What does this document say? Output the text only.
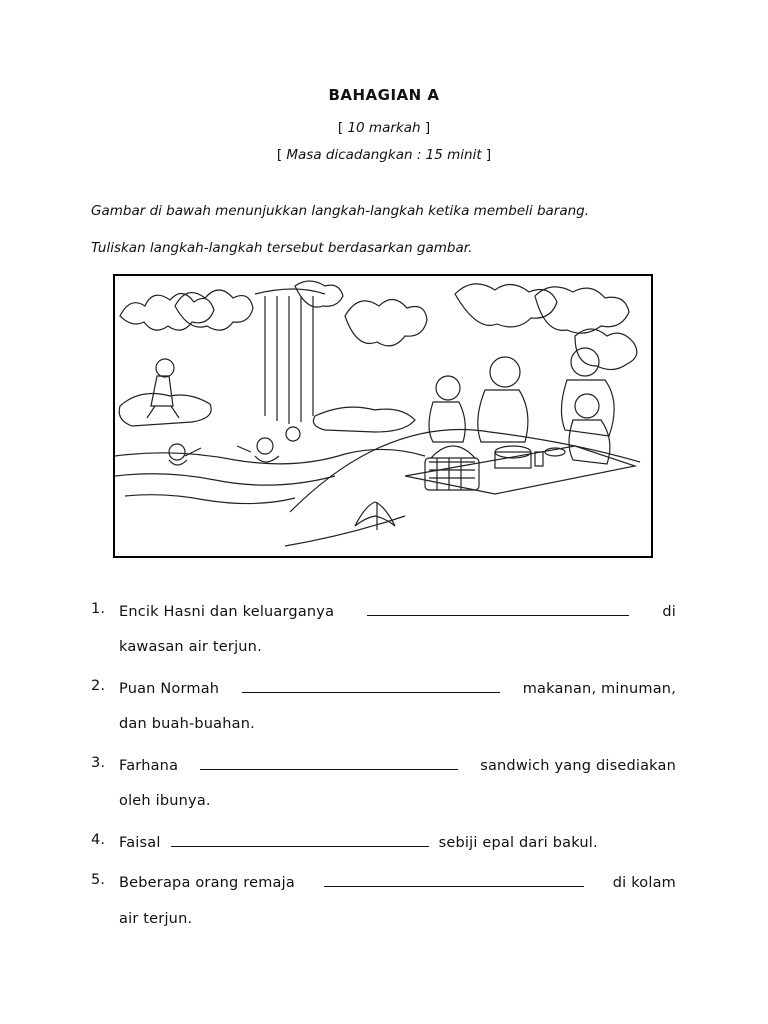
BAHAGIAN A
[ 10 markah ]
[ Masa dicadangkan : 15 minit ]
Gambar di bawah menunjukkan langkah-langkah ketika membeli barang.
Tuliskan langkah-langkah tersebut berdasarkan gambar.
1. Encik Hasni dan keluarganya	di
kawasan air terjun.
2. Puan Normah	makanan, minuman,
dan buah-buahan.
3. Farhana	sandwich yang disediakan
oleh ibunya.
4. Faisal	sebiji epal dari bakul.
5. Beberapa orang remaja	di kolam
air terjun.
